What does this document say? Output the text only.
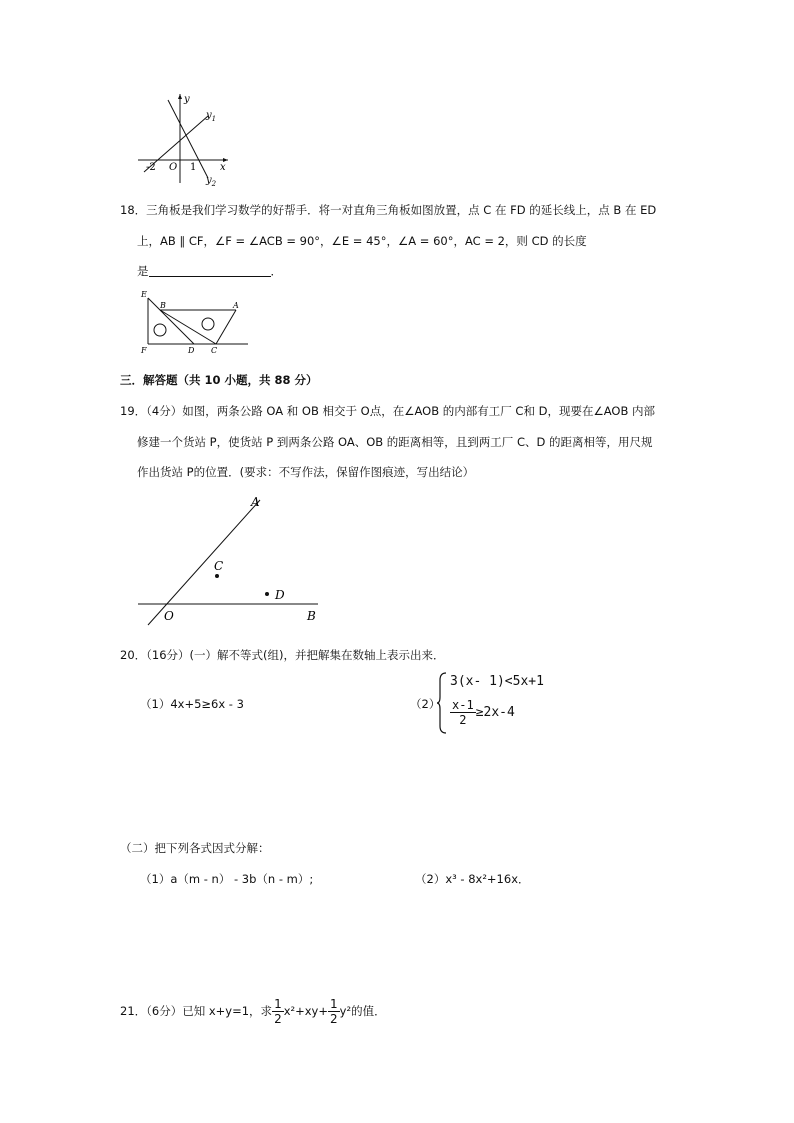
y
$y_1$
x
-2 O 1
$y_2$
18．三角板是我们学习数学的好帮手．将一对直角三角板如图放置，点 C 在 FD 的延长线上，点 B 在 ED
上，AB ∥ CF，∠F = ∠ACB = 90°，∠E = 45°，∠A = 60°，AC = 2，则 CD 的长度
是	．
E
B	A
F	D C
三．解答题（共 10 小题，共 88 分）
19．（4分）如图，两条公路 OA 和 OB 相交于 O点，在∠AOB 的内部有工厂 C和 D，现要在∠AOB 内部
修建一个货站 P，使货站 P 到两条公路 OA、OB 的距离相等，且到两工厂 C、D 的距离相等，用尺规
作出货站 P的位置．(要求：不写作法，保留作图痕迹，写出结论）
A
C
D
O	B
20．（16分）(一）解不等式(组)，并把解集在数轴上表示出来．
（1）4x+5≥6x - 3	（2）
3(x- 1)<5x+1
$\frac{x-1}{2} \ge 2x-4$
（二）把下列各式因式分解：
（1）a（m - n） - 3b（n - m）;	（2）x³ - 8x²+16x．
21．（6分）已知 x+y=1，求 $\frac{1}{2} x^2+xy+ \frac{1}{2} y^2$的值．
